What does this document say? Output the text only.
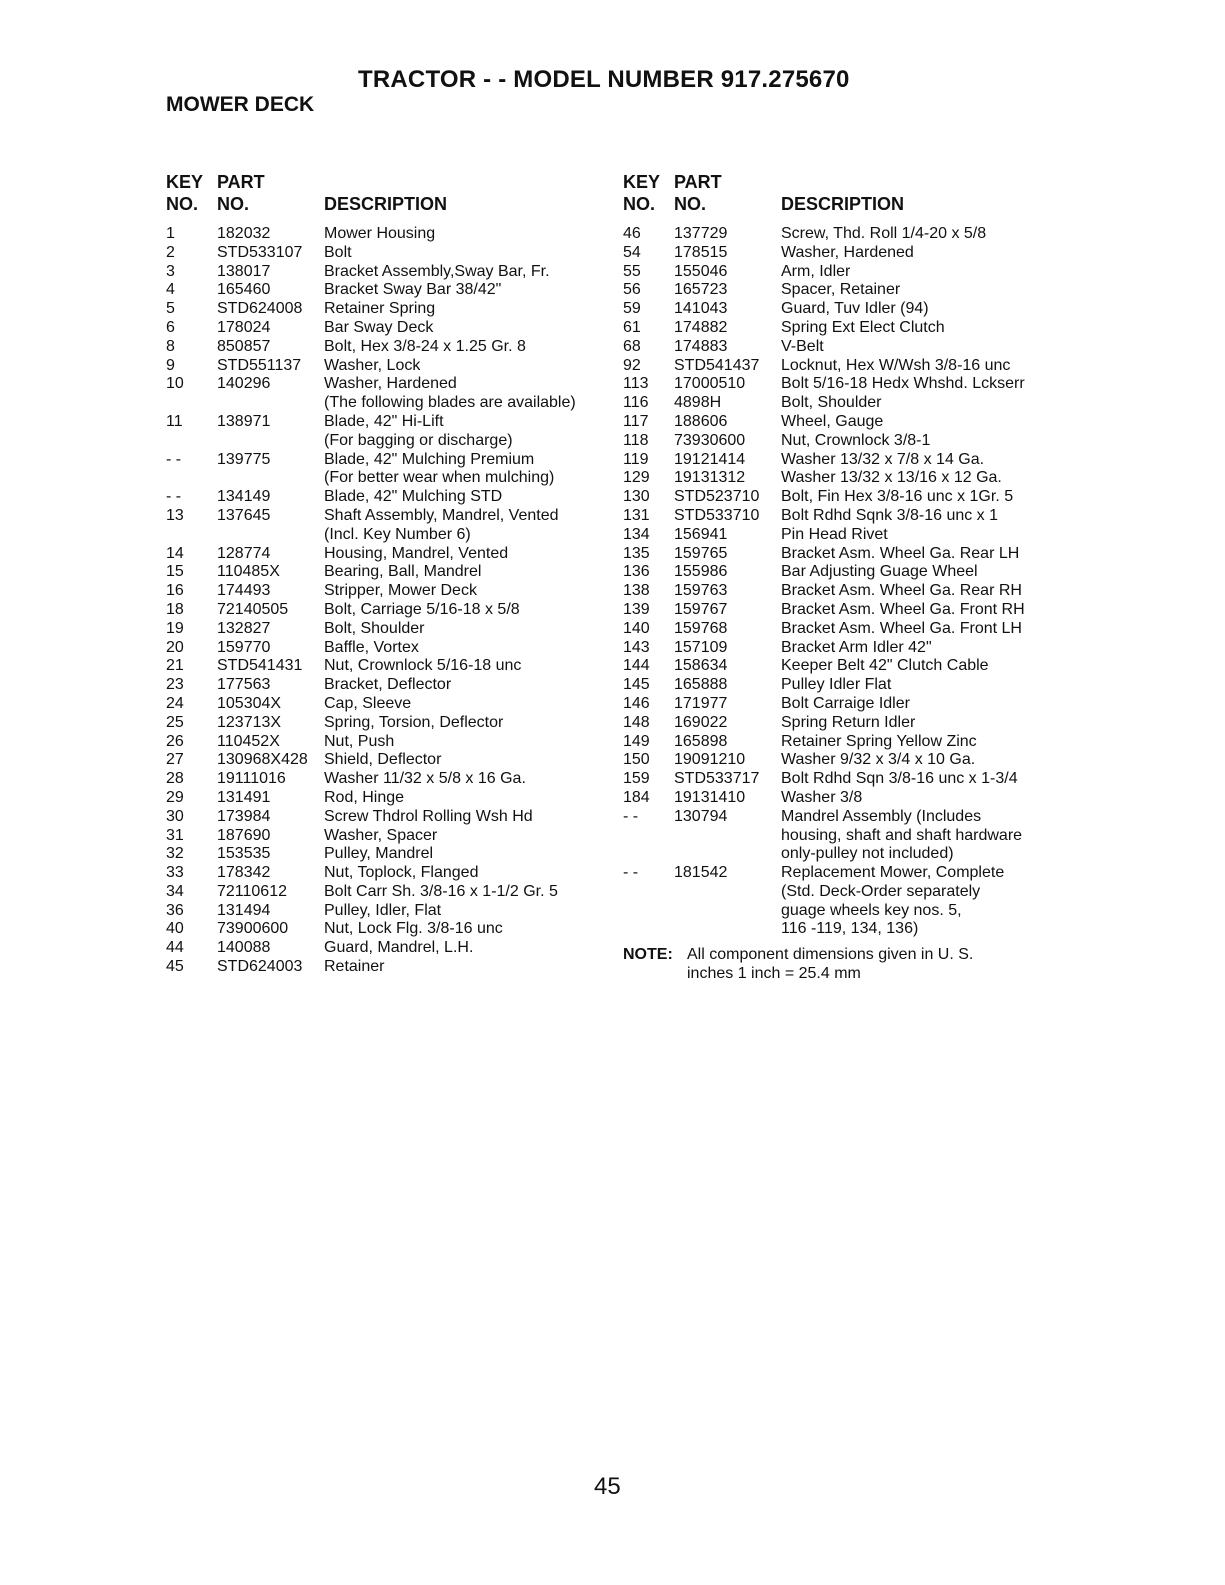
TRACTOR - - MODEL NUMBER 917.275670
MOWER DECK
KEY
NO.
PART
NO.	DESCRIPTION
1	182032	Mower Housing
2	STD533107 Bolt
3	138017	Bracket Assembly,Sway Bar, Fr.
4	165460	Bracket Sway Bar 38/42"
5	STD624008 Retainer Spring
6	178024	Bar Sway Deck
8	850857	Bolt, Hex 3/8-24 x 1.25 Gr. 8
9	STD551137 Washer, Lock
10 140296	Washer, Hardened
(The following blades are available)
11 138971	Blade, 42" Hi-Lift
(For bagging or discharge)
- - 139775	Blade, 42" Mulching Premium
(For better wear when mulching)
- - 134149	Blade, 42" Mulching STD
13 137645	Shaft Assembly, Mandrel, Vented
(Incl. Key Number 6)
14 128774	Housing, Mandrel, Vented
15 110485X	Bearing, Ball, Mandrel
16 174493	Stripper, Mower Deck
18 72140505 Bolt, Carriage 5/16-18 x 5/8
19 132827	Bolt, Shoulder
20 159770	Baffle, Vortex
21 STD541431 Nut, Crownlock 5/16-18 unc
23 177563	Bracket, Deflector
24 105304X	Cap, Sleeve
25 123713X	Spring, Torsion, Deflector
26 110452X	Nut, Push
27 130968X428 Shield, Deflector
28 19111016 Washer 11/32 x 5/8 x 16 Ga.
29 131491	Rod, Hinge
30 173984	Screw Thdrol Rolling Wsh Hd
31 187690	Washer, Spacer
32 153535	Pulley, Mandrel
33 178342	Nut, Toplock, Flanged
34 72110612 Bolt Carr Sh. 3/8-16 x 1-1/2 Gr. 5
36 131494	Pulley, Idler, Flat
40 73900600 Nut, Lock Flg. 3/8-16 unc
44 140088	Guard, Mandrel, L.H.
45 STD624003 Retainer
KEY
NO.
PART
NO.	DESCRIPTION
46 137729	Screw, Thd. Roll 1/4-20 x 5/8
54 178515	Washer, Hardened
55 155046	Arm, Idler
56 165723	Spacer, Retainer
59 141043	Guard, Tuv Idler (94)
61 174882	Spring Ext Elect Clutch
68 174883	V-Belt
92 STD541437 Locknut, Hex W/Wsh 3/8-16 unc
113 17000510 Bolt 5/16-18 Hedx Whshd. Lckserr
116 4898H	Bolt, Shoulder
117 188606	Wheel, Gauge
118 73930600 Nut, Crownlock 3/8-1
119 19121414 Washer 13/32 x 7/8 x 14 Ga.
129 19131312 Washer 13/32 x 13/16 x 12 Ga.
130 STD523710 Bolt, Fin Hex 3/8-16 unc x 1Gr. 5
131 STD533710 Bolt Rdhd Sqnk 3/8-16 unc x 1
134 156941	Pin Head Rivet
135 159765	Bracket Asm. Wheel Ga. Rear LH
136 155986	Bar Adjusting Guage Wheel
138 159763	Bracket Asm. Wheel Ga. Rear RH
139 159767	Bracket Asm. Wheel Ga. Front RH
140 159768	Bracket Asm. Wheel Ga. Front LH
143 157109	Bracket Arm Idler 42"
144 158634	Keeper Belt 42" Clutch Cable
145 165888	Pulley Idler Flat
146 171977	Bolt Carraige Idler
148 169022	Spring Return Idler
149 165898	Retainer Spring Yellow Zinc
150 19091210 Washer 9/32 x 3/4 x 10 Ga.
159 STD533717 Bolt Rdhd Sqn 3/8-16 unc x 1-3/4
184 19131410 Washer 3/8
- - 130794	Mandrel Assembly (Includes
housing, shaft and shaft hardware
only-pulley not included)
- - 181542	Replacement Mower, Complete
(Std. Deck-Order separately
guage wheels key nos. 5,
116 -119, 134, 136)
NOTE: All component dimensions given in U. S.
inches 1 inch = 25.4 mm
45
